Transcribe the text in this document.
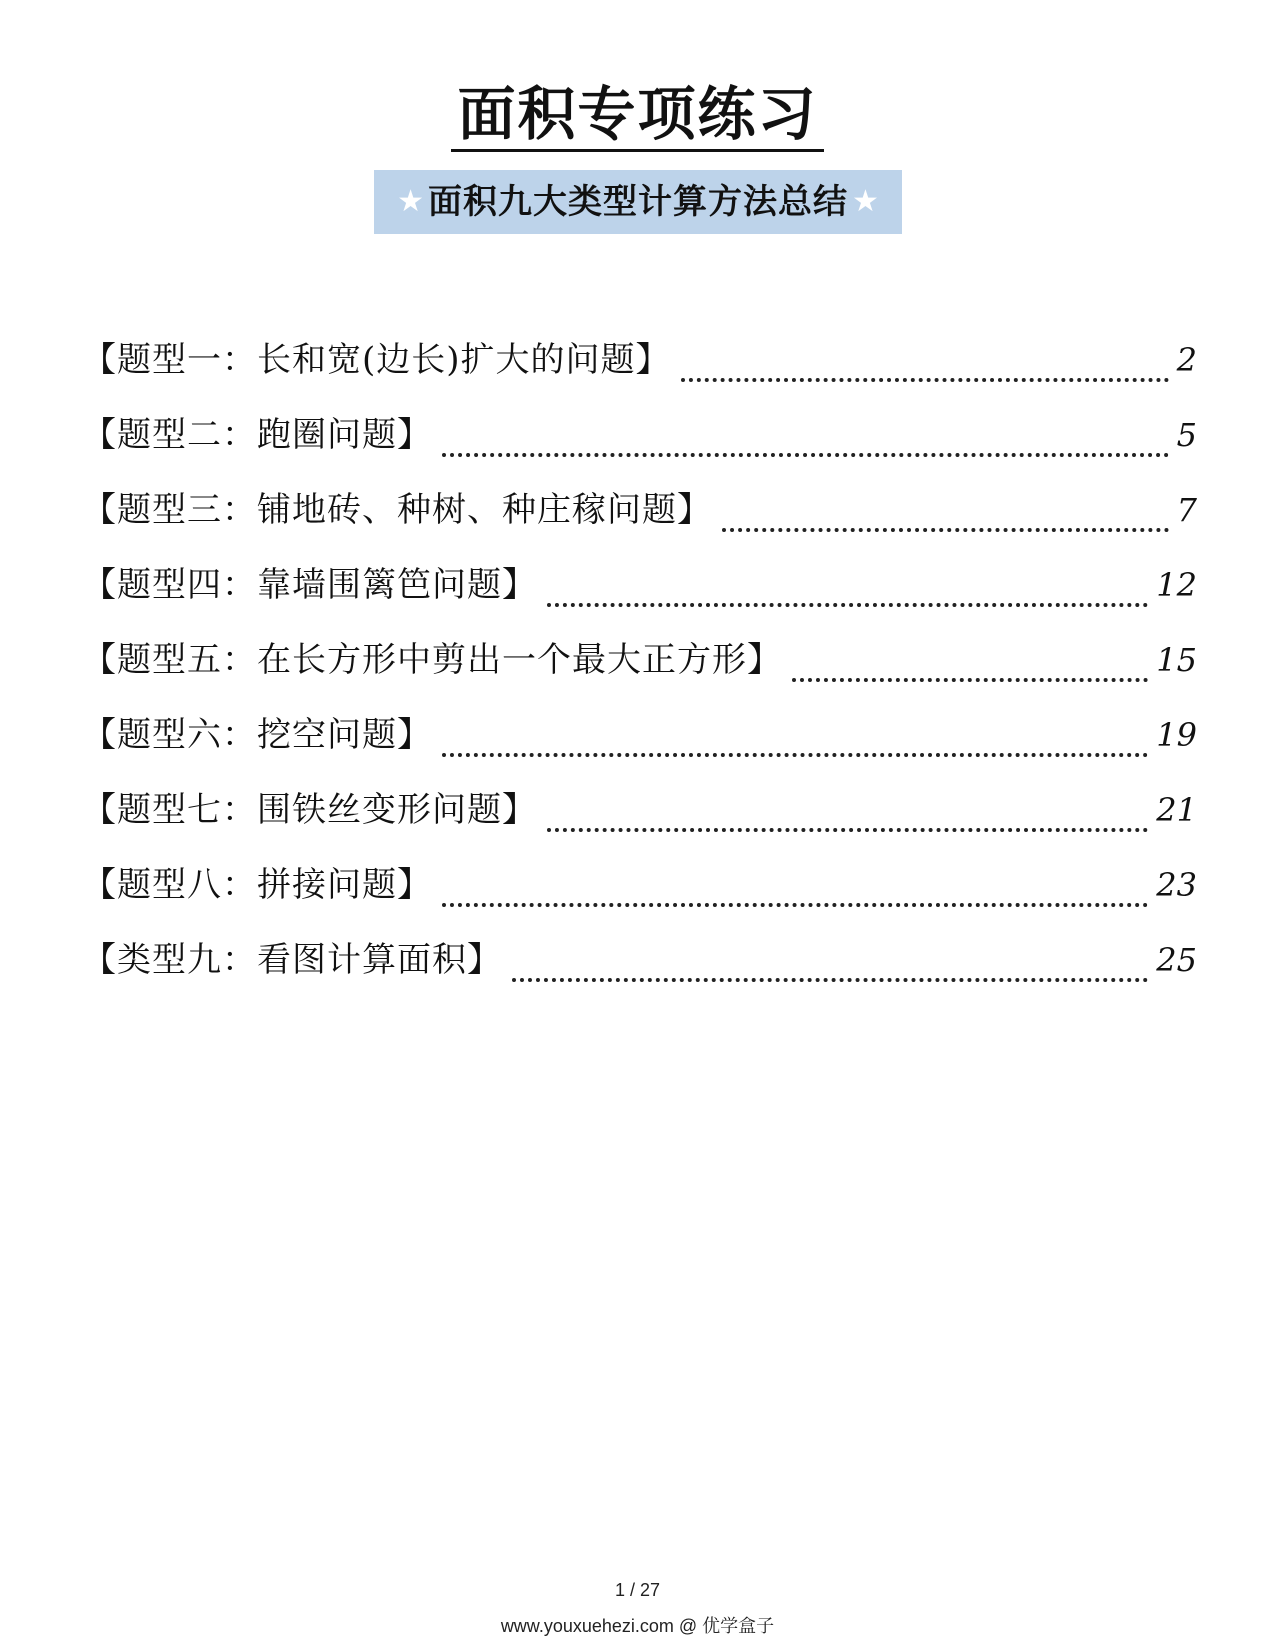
面积专项练习
★ 面积九大类型计算方法总结 ★
【题型一：长和宽(边长)扩大的问题】	2
【题型二：跑圈问题】	5
【题型三：铺地砖、种树、种庄稼问题】	7
【题型四：靠墙围篱笆问题】	12
【题型五：在长方形中剪出一个最大正方形】	15
【题型六：挖空问题】	19
【题型七：围铁丝变形问题】	21
【题型八：拼接问题】	23
【类型九：看图计算面积】	25
1 / 27
www.youxuehezi.com @ 优学盒子
